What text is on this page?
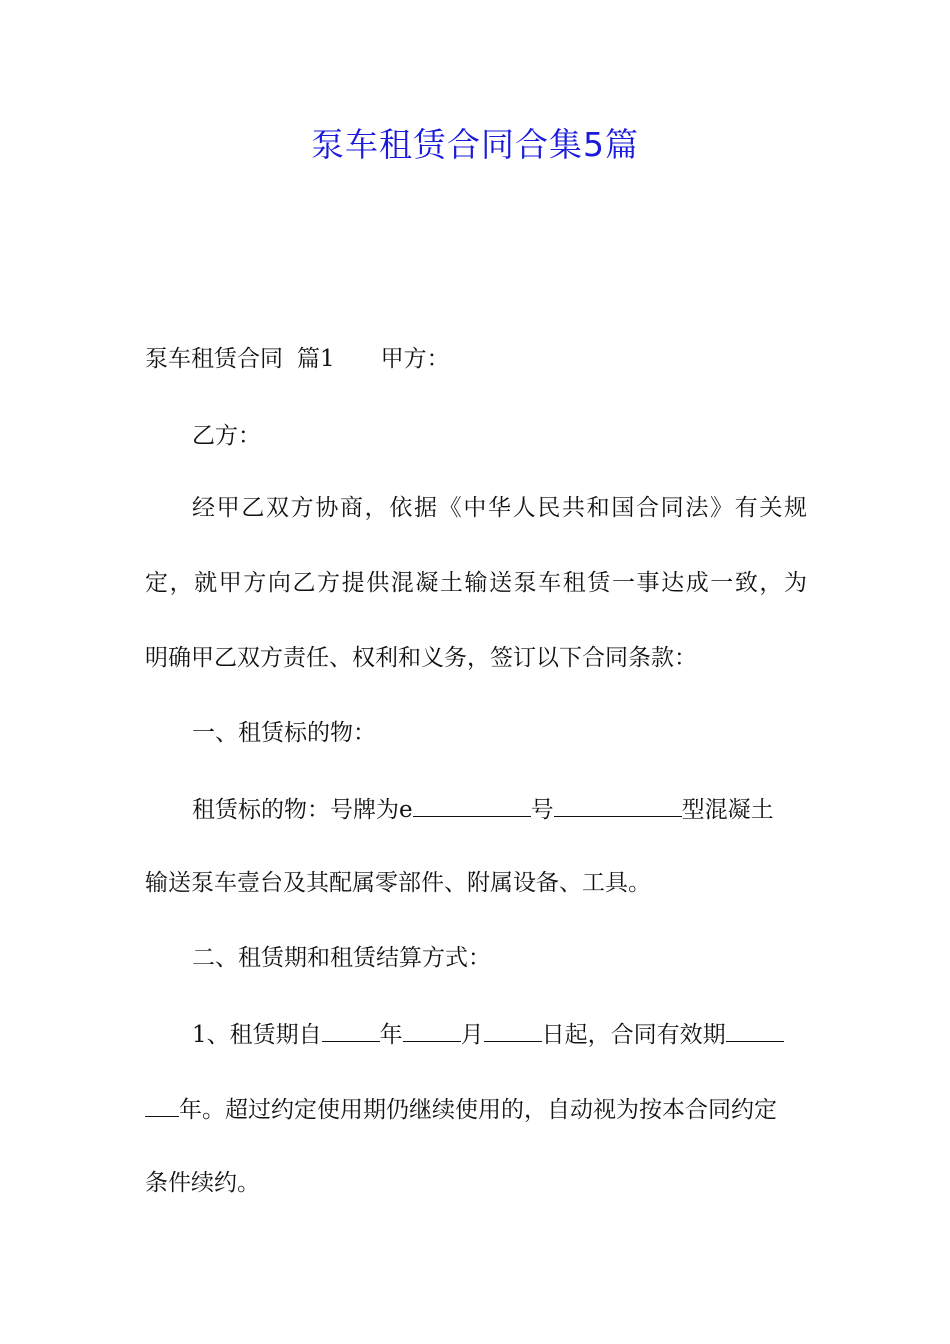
泵车租赁合同合集5篇
泵车租赁合同 篇1 甲方：
乙方：
经甲乙双方协商，依据《中华人民共和国合同法》有关规
定，就甲方向乙方提供混凝土输送泵车租赁一事达成一致，为
明确甲乙双方责任、权利和义务，签订以下合同条款：
一、租赁标的物：
租赁标的物：号牌为e	号	型混凝土
输送泵车壹台及其配属零部件、附属设备、工具。
二、租赁期和租赁结算方式：
1、租赁期自	年	月	日起，合同有效期
年。超过约定使用期仍继续使用的，自动视为按本合同约定
条件续约。
